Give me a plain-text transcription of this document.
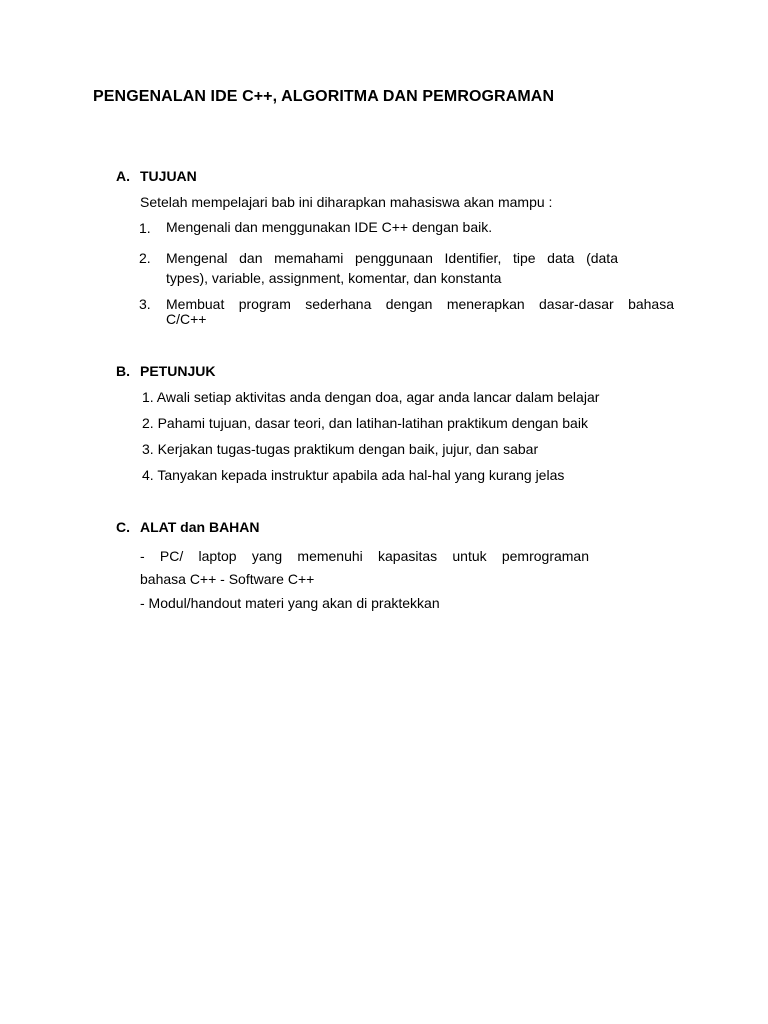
PENGENALAN IDE C++, ALGORITMA DAN PEMROGRAMAN
A. TUJUAN
Setelah mempelajari bab ini diharapkan mahasiswa akan mampu :
1. Mengenali dan menggunakan IDE C++ dengan baik.
2. Mengenal dan memahami penggunaan Identifier, tipe data (data
types), variable, assignment, komentar, dan konstanta
3. Membuat program sederhana dengan menerapkan dasar-dasar bahasa
C/C++
B. PETUNJUK
1. Awali setiap aktivitas anda dengan doa, agar anda lancar dalam belajar
2. Pahami tujuan, dasar teori, dan latihan-latihan praktikum dengan baik
3. Kerjakan tugas-tugas praktikum dengan baik, jujur, dan sabar
4. Tanyakan kepada instruktur apabila ada hal-hal yang kurang jelas
C. ALAT dan BAHAN
- PC/ laptop yang memenuhi kapasitas untuk pemrograman
bahasa C++ - Software C++
- Modul/handout materi yang akan di praktekkan
